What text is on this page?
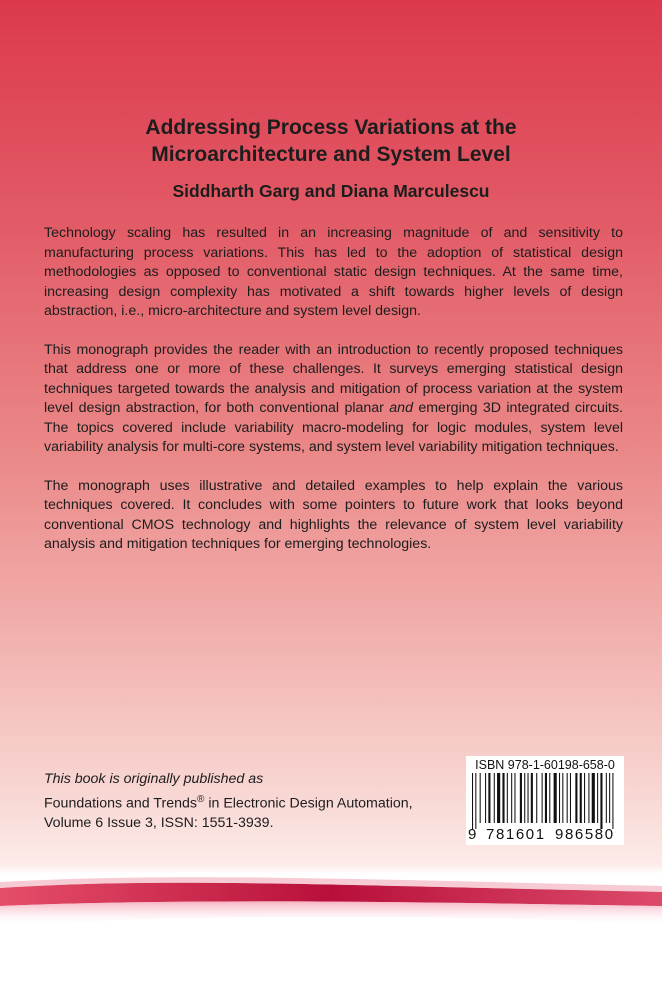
Addressing Process Variations at the
Microarchitecture and System Level
Siddharth Garg and Diana Marculescu

Technology scaling has resulted in an increasing magnitude of and sensitivity to manufacturing process variations. This has led to the adoption of statistical design methodologies as opposed to conventional static design techniques. At the same time, increasing design complexity has motivated a shift towards higher levels of design abstraction, i.e., micro-architecture and system level design.

This monograph provides the reader with an introduction to recently proposed techniques that address one or more of these challenges. It surveys emerging statistical design techniques targeted towards the analysis and mitigation of process variation at the system level design abstraction, for both conventional planar and emerging 3D integrated circuits. The topics covered include variability macro-modeling for logic modules, system level variability analysis for multi-core systems, and system level variability mitigation techniques.

The monograph uses illustrative and detailed examples to help explain the various techniques covered. It concludes with some pointers to future work that looks beyond conventional CMOS technology and highlights the relevance of system level variability analysis and mitigation techniques for emerging technologies.

This book is originally published as
Foundations and Trends® in Electronic Design Automation,
Volume 6 Issue 3, ISSN: 1551-3939.
ISBN 978-1-60198-658-0
9 781601 986580
